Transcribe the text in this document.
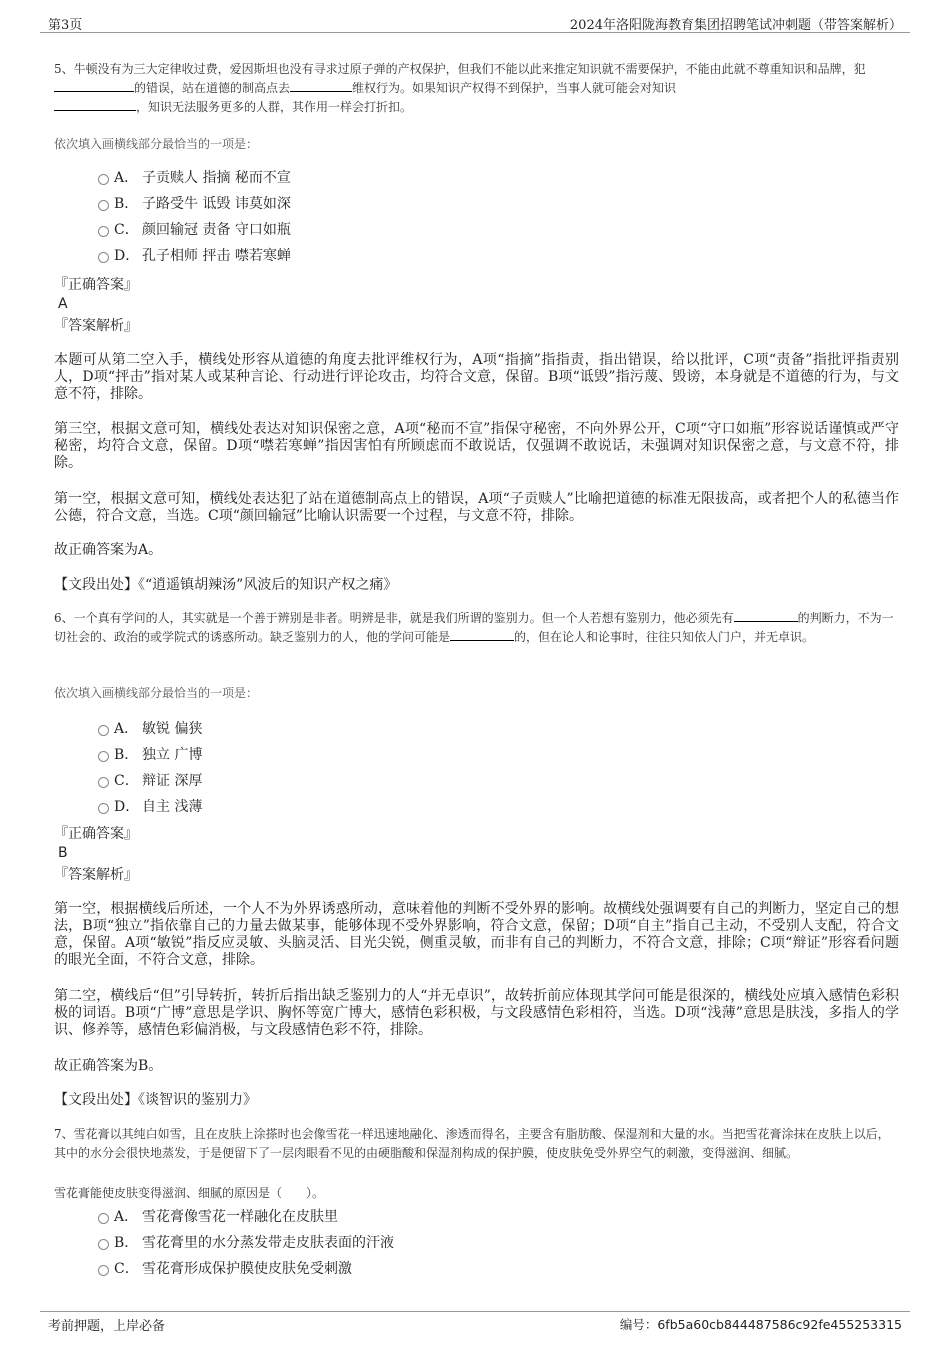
第3页	2024年洛阳陇海教育集团招聘笔试冲刺题（带答案解析）
5、牛顿没有为三大定律收过费，爱因斯坦也没有寻求过原子弹的产权保护，但我们不能以此来推定知识就不需要保护，不能由此就不尊重知识和品牌，犯的错误，站在道德的制高点去	维权行为。如果知识产权得不到保护，当事人就可能会对知识
，知识无法服务更多的人群，其作用一样会打折扣。
依次填入画横线部分最恰当的一项是：
A． 子贡赎人 指摘 秘而不宣
B． 子路受牛 诋毁 讳莫如深
C． 颜回输冠 责备 守口如瓶
D． 孔子相师 抨击 噤若寒蝉
『正确答案』
A
『答案解析』
本题可从第二空入手，横线处形容从道德的角度去批评维权行为，A项“指摘”指指责，指出错误，给以批评，C项“责备”指批评指责别人，D项“抨击”指对某人或某种言论、行动进行评论攻击，均符合文意，保留。B项“诋毁”指污蔑、毁谤，本身就是不道德的行为，与文意不符，排除。
第三空，根据文意可知，横线处表达对知识保密之意，A项“秘而不宣”指保守秘密，不向外界公开，C项“守口如瓶”形容说话谨慎或严守秘密，均符合文意，保留。D项“噤若寒蝉”指因害怕有所顾虑而不敢说话，仅强调不敢说话，未强调对知识保密之意，与文意不符，排除。
第一空，根据文意可知，横线处表达犯了站在道德制高点上的错误，A项“子贡赎人”比喻把道德的标准无限拔高，或者把个人的私德当作公德，符合文意，当选。C项“颜回输冠”比喻认识需要一个过程，与文意不符，排除。
故正确答案为A。
【文段出处】《“逍遥镇胡辣汤”风波后的知识产权之痛》
6、一个真有学问的人，其实就是一个善于辨别是非者。明辨是非，就是我们所谓的鉴别力。但一个人若想有鉴别力，他必须先有	的判断力，不为一切社会的、政治的或学院式的诱惑所动。缺乏鉴别力的人，他的学问可能是	的，但在论人和论事时，往往只知依人门户，并无卓识。
依次填入画横线部分最恰当的一项是：
A． 敏锐 偏狭
B． 独立 广博
C． 辩证 深厚
D． 自主 浅薄
『正确答案』
B
『答案解析』
第一空，根据横线后所述，一个人不为外界诱惑所动，意味着他的判断不受外界的影响。故横线处强调要有自己的判断力，坚定自己的想法，B项“独立”指依靠自己的力量去做某事，能够体现不受外界影响，符合文意，保留；D项“自主”指自己主动，不受别人支配，符合文意，保留。A项“敏锐”指反应灵敏、头脑灵活、目光尖锐，侧重灵敏，而非有自己的判断力，不符合文意，排除；C项“辩证”形容看问题的眼光全面，不符合文意，排除。
第二空，横线后“但”引导转折，转折后指出缺乏鉴别力的人“并无卓识”，故转折前应体现其学问可能是很深的，横线处应填入感情色彩积极的词语。B项“广博”意思是学识、胸怀等宽广博大，感情色彩积极，与文段感情色彩相符，当选。D项“浅薄”意思是肤浅，多指人的学识、修养等，感情色彩偏消极，与文段感情色彩不符，排除。
故正确答案为B。
【文段出处】《谈智识的鉴别力》
7、雪花膏以其纯白如雪，且在皮肤上涂搽时也会像雪花一样迅速地融化、渗透而得名，主要含有脂肪酸、保湿剂和大量的水。当把雪花膏涂抹在皮肤上以后，其中的水分会很快地蒸发，于是便留下了一层肉眼看不见的由硬脂酸和保湿剂构成的保护膜，使皮肤免受外界空气的刺激，变得滋润、细腻。
雪花膏能使皮肤变得滋润、细腻的原因是（　　）。
A． 雪花膏像雪花一样融化在皮肤里
B． 雪花膏里的水分蒸发带走皮肤表面的汗液
C． 雪花膏形成保护膜使皮肤免受刺激
考前押题，上岸必备	编号：6fb5a60cb844487586c92fe455253315
